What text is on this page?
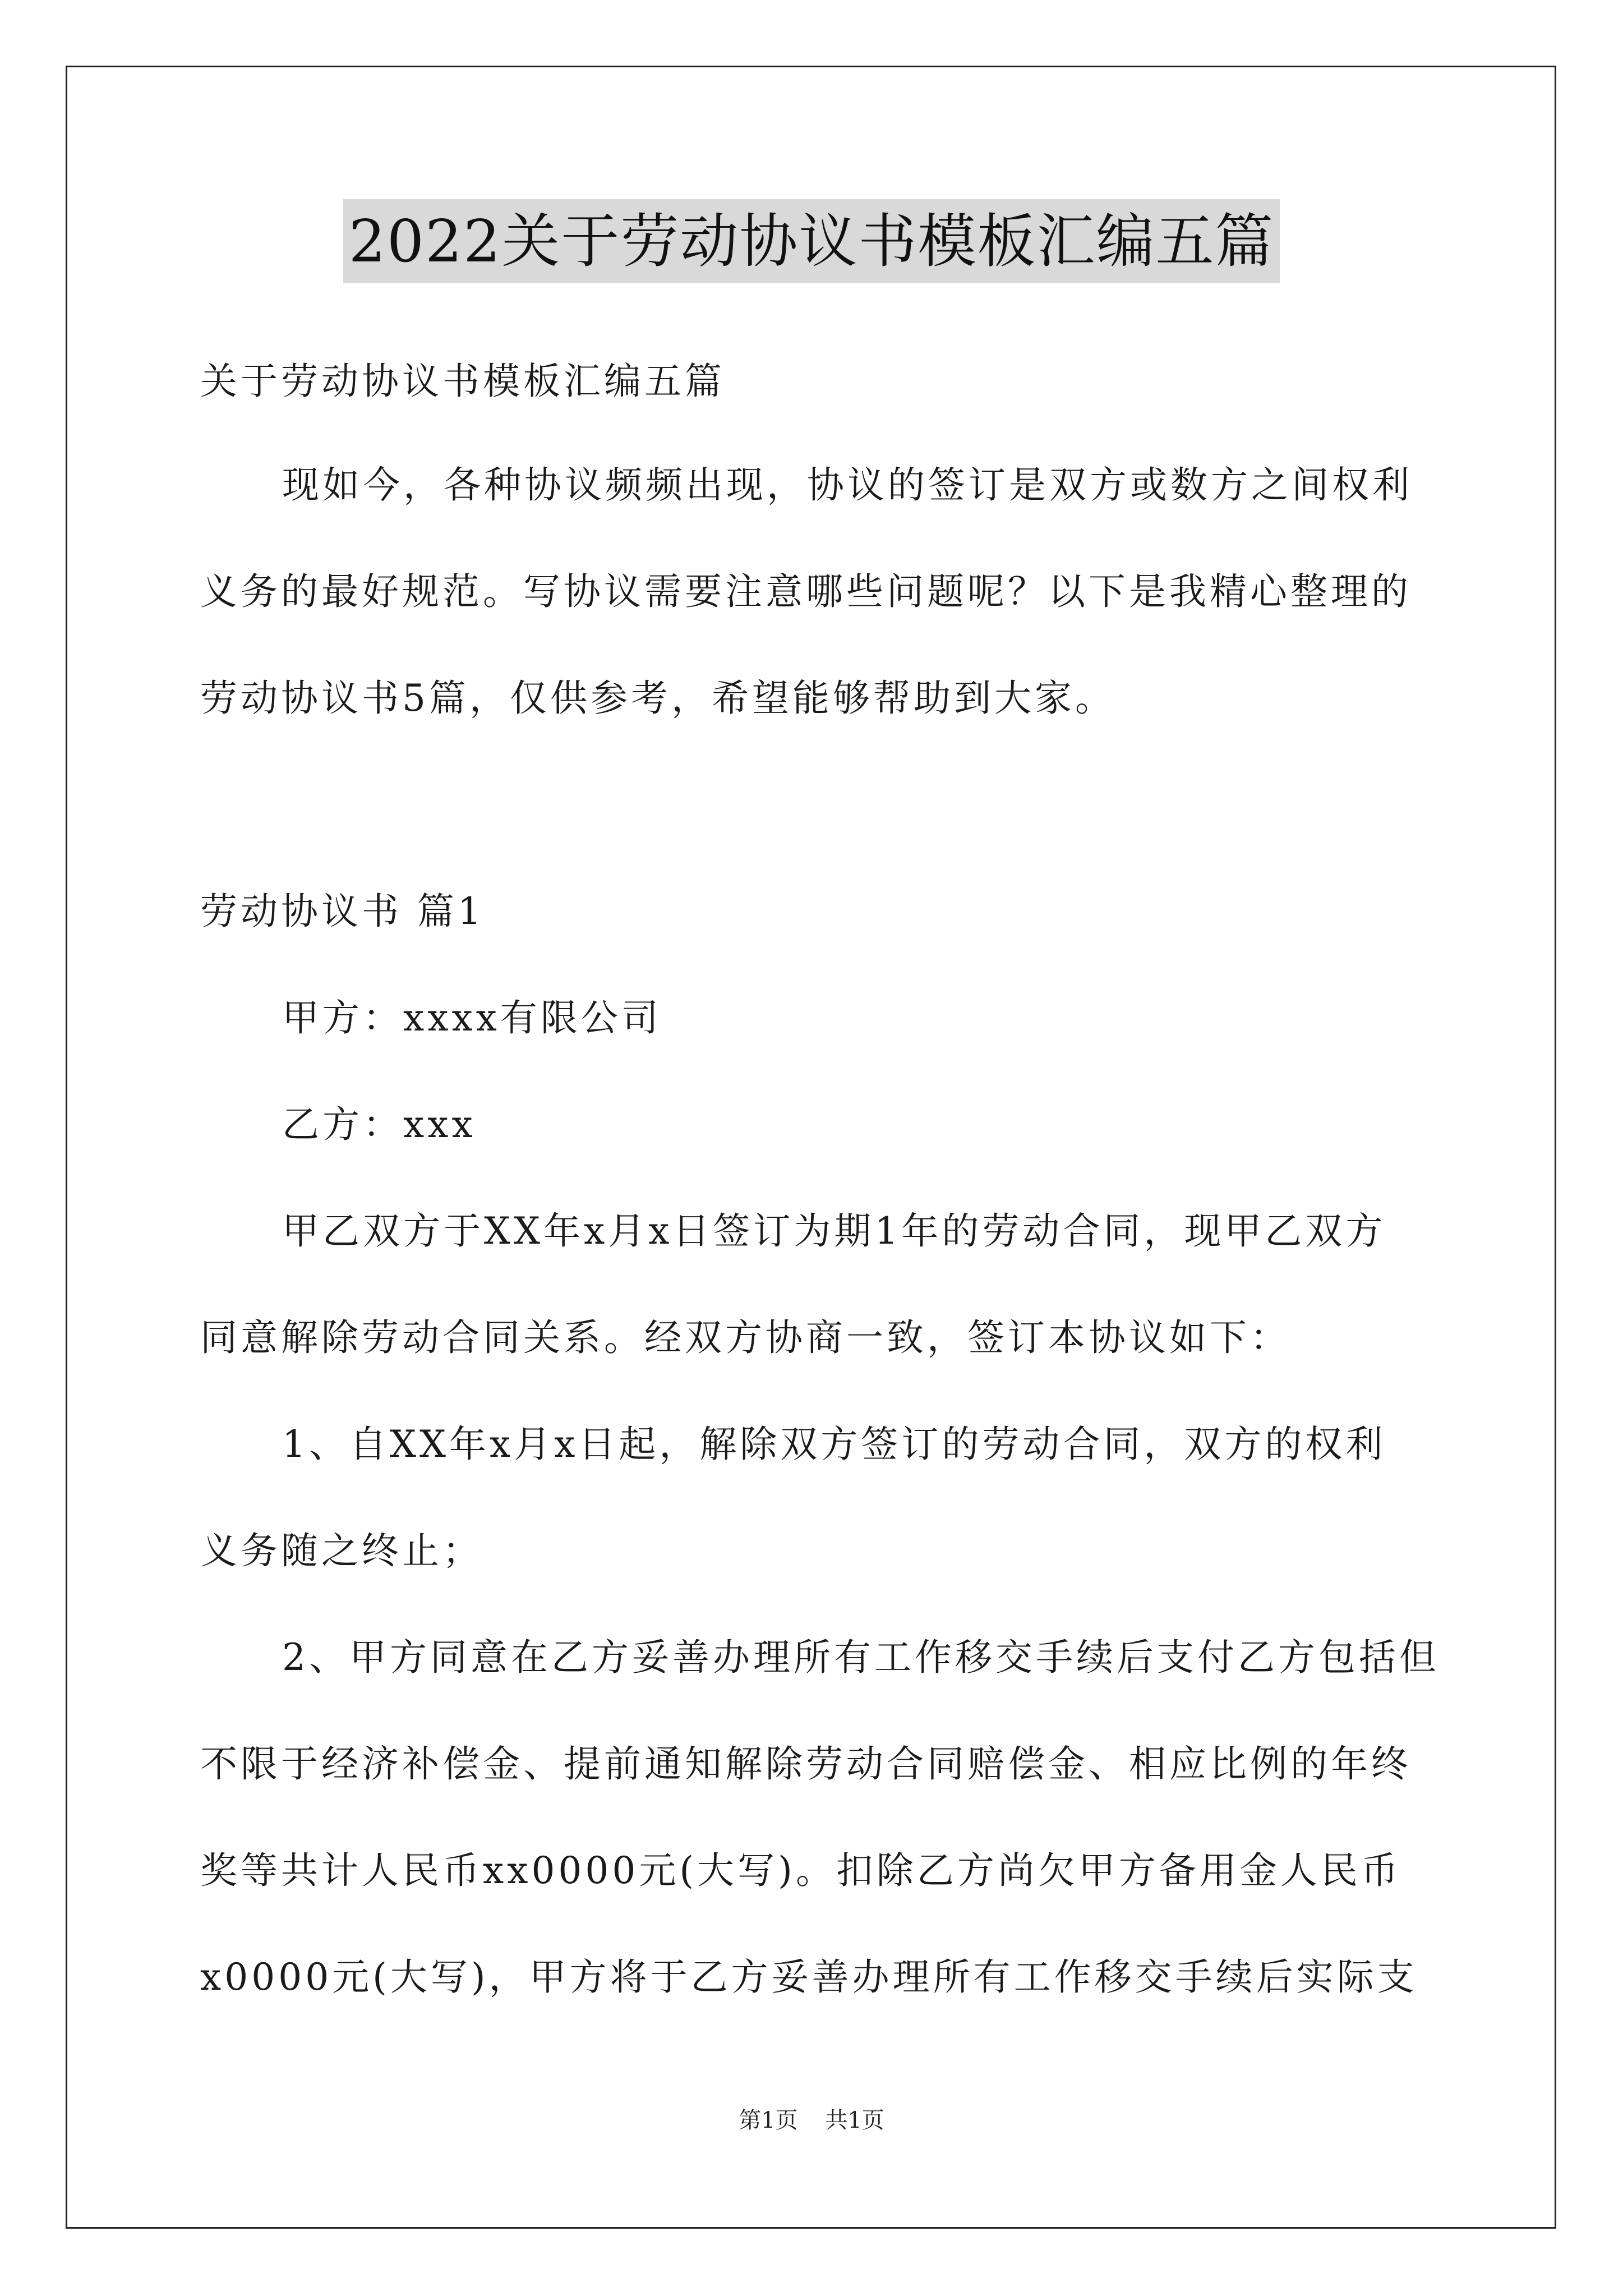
2022关于劳动协议书模板汇编五篇
关于劳动协议书模板汇编五篇
现如今，各种协议频频出现，协议的签订是双方或数方之间权利
义务的最好规范。写协议需要注意哪些问题呢？以下是我精心整理的
劳动协议书5篇，仅供参考，希望能够帮助到大家。
劳动协议书 篇1
甲方：xxxx有限公司
乙方：xxx
甲乙双方于XX年x月x日签订为期1年的劳动合同，现甲乙双方
同意解除劳动合同关系。经双方协商一致，签订本协议如下：
1、自XX年x月x日起，解除双方签订的劳动合同，双方的权利
义务随之终止；
2、甲方同意在乙方妥善办理所有工作移交手续后支付乙方包括但
不限于经济补偿金、提前通知解除劳动合同赔偿金、相应比例的年终
奖等共计人民币xx0000元(大写)。扣除乙方尚欠甲方备用金人民币
x0000元(大写)，甲方将于乙方妥善办理所有工作移交手续后实际支
第1页 共1页
